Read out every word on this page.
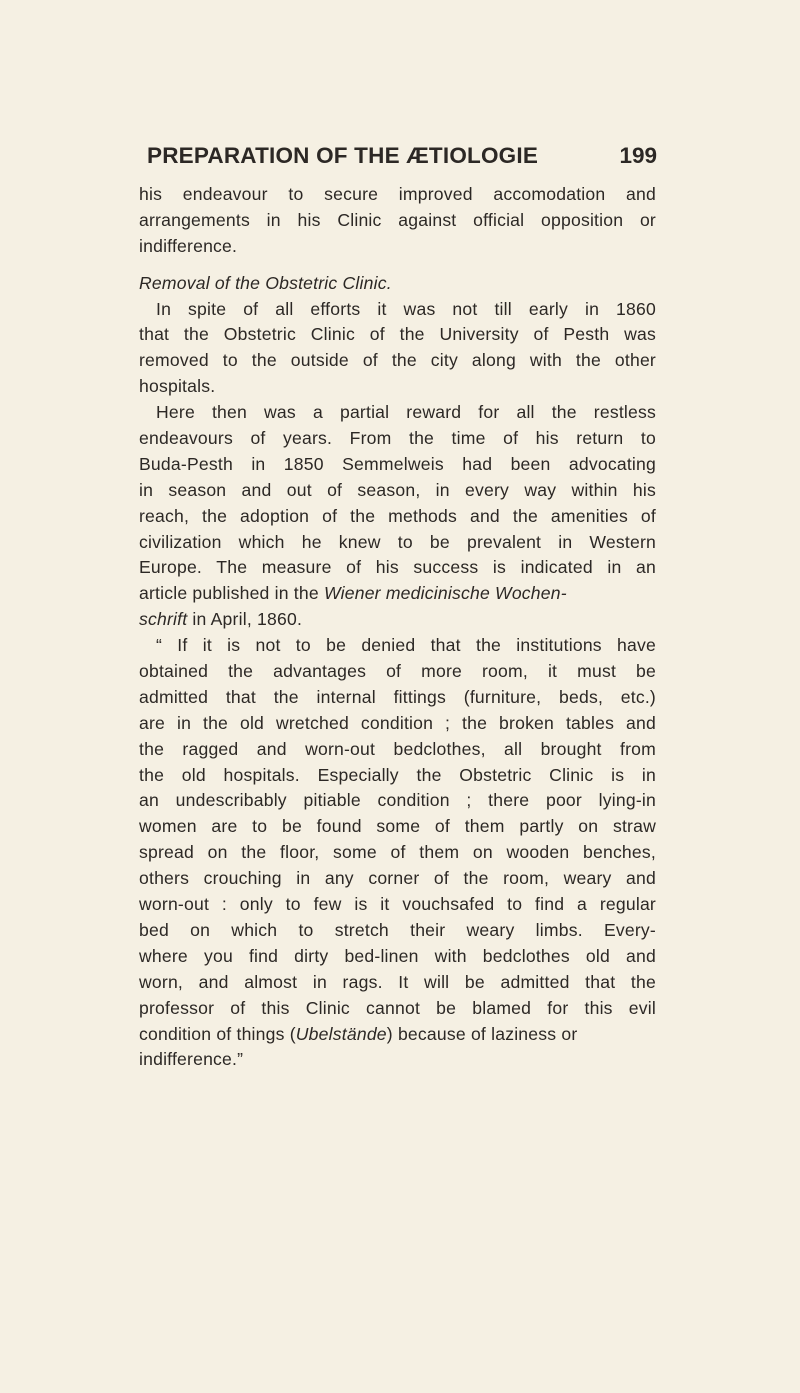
PREPARATION OF THE ÆTIOLOGIE	199
his endeavour to secure improved accomodation and
arrangements in his Clinic against official opposition or
indifference.
Removal of the Obstetric Clinic.
In spite of all efforts it was not till early in 1860
that the Obstetric Clinic of the University of Pesth was
removed to the outside of the city along with the other
hospitals.
Here then was a partial reward for all the restless
endeavours of years. From the time of his return to
Buda-Pesth in 1850 Semmelweis had been advocating
in season and out of season, in every way within his
reach, the adoption of the methods and the amenities of
civilization which he knew to be prevalent in Western
Europe. The measure of his success is indicated in an
article published in the Wiener medicinische Wochen-
schrift in April, 1860.
“ If it is not to be denied that the institutions have
obtained the advantages of more room, it must be
admitted that the internal fittings (furniture, beds, etc.)
are in the old wretched condition ; the broken tables and
the ragged and worn-out bedclothes, all brought from
the old hospitals. Especially the Obstetric Clinic is in
an undescribably pitiable condition ; there poor lying-in
women are to be found some of them partly on straw
spread on the floor, some of them on wooden benches,
others crouching in any corner of the room, weary and
worn-out : only to few is it vouchsafed to find a regular
bed on which to stretch their weary limbs. Every-
where you find dirty bed-linen with bedclothes old and
worn, and almost in rags. It will be admitted that the
professor of this Clinic cannot be blamed for this evil
condition of things (Ubelstände) because of laziness or
indifference.”
